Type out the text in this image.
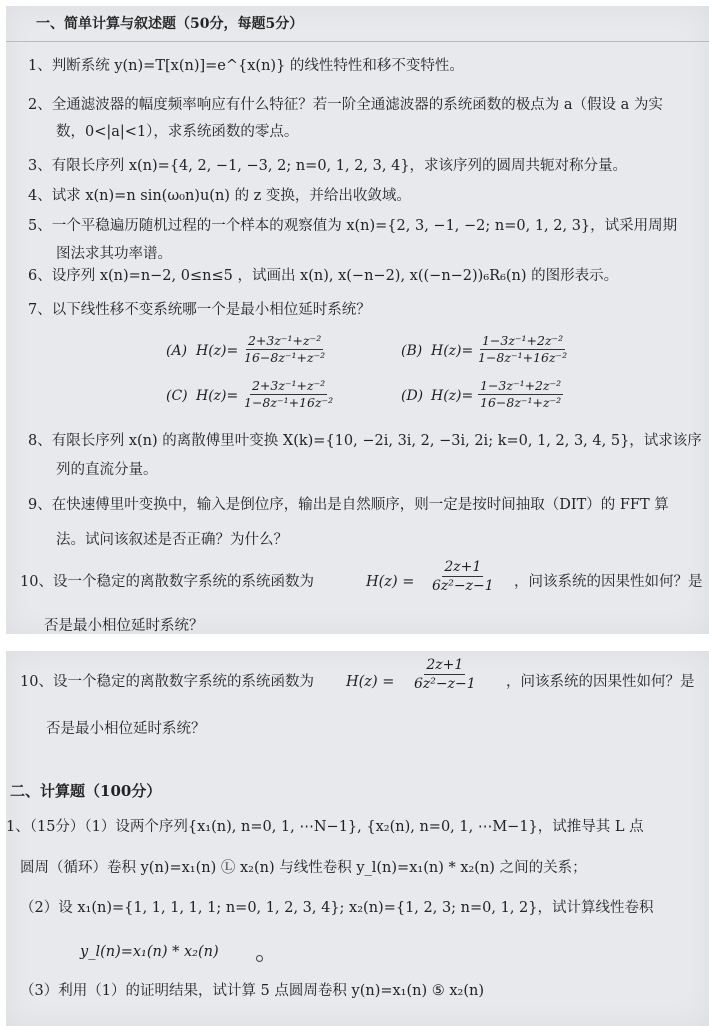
一、简单计算与叙述题（50分，每题5分）
1、判断系统 y(n)=T[x(n)]=e^{x(n)} 的线性特性和移不变特性。
2、全通滤波器的幅度频率响应有什么特征？若一阶全通滤波器的系统函数的极点为 a（假设 a 为实
数，0<|a|<1），求系统函数的零点。
3、有限长序列 x(n)={4, 2, −1, −3, 2; n=0, 1, 2, 3, 4}，求该序列的圆周共轭对称分量。
4、试求 x(n)=n sin(ω₀n)u(n) 的 z 变换，并给出收敛域。
5、一个平稳遍历随机过程的一个样本的观察值为 x(n)={2, 3, −1, −2; n=0, 1, 2, 3}，试采用周期
图法求其功率谱。
6、设序列 x(n)=n−2, 0≤n≤5 ，试画出 x(n), x(−n−2), x((−n−2))₆R₆(n) 的图形表示。
7、以下线性移不变系统哪一个是最小相位延时系统？
(A) $H(z)= \frac{\text{2+3z⁻¹+z⁻²}}{\text{16−8z⁻¹+z⁻²}}$	(B) $H(z)= \frac{\text{1−3z⁻¹+2z⁻²}}{\text{1−8z⁻¹+16z⁻²}}$
(C) $H(z)= \frac{\text{2+3z⁻¹+z⁻²}}{\text{1−8z⁻¹+16z⁻²}}$	(D) $H(z)= \frac{\text{1−3z⁻¹+2z⁻²}}{\text{16−8z⁻¹+z⁻²}}$
8、有限长序列 x(n) 的离散傅里叶变换 X(k)={10, −2i, 3i, 2, −3i, 2i; k=0, 1, 2, 3, 4, 5}，试求该序
列的直流分量。
9、在快速傅里叶变换中，输入是倒位序，输出是自然顺序，则一定是按时间抽取（DIT）的 FFT 算
法。试问该叙述是否正确？为什么？
10、设一个稳定的离散数字系统的系统函数为	$H(z) = \frac{2z+1}{\text{6z²−z−1}}$ ，问该系统的因果性如何？是
否是最小相位延时系统？
10、设一个稳定的离散数字系统的系统函数为 $H(z) = \frac{2z+1}{\text{6z²−z−1}}$ ，问该系统的因果性如何？是
否是最小相位延时系统？
二、计算题（100分）
1、（15分）（1）设两个序列{x₁(n), n=0, 1, ⋯N−1}, {x₂(n), n=0, 1, ⋯M−1}，试推导其 L 点
圆周（循环）卷积 y(n)=x₁(n) Ⓛ x₂(n) 与线性卷积 y_l(n)=x₁(n) * x₂(n) 之间的关系；
（2）设 x₁(n)={1, 1, 1, 1, 1; n=0, 1, 2, 3, 4}; x₂(n)={1, 2, 3; n=0, 1, 2}，试计算线性卷积
y_l(n)=x₁(n) * x₂(n)
（3）利用（1）的证明结果，试计算 5 点圆周卷积 y(n)=x₁(n) ⑤ x₂(n)
